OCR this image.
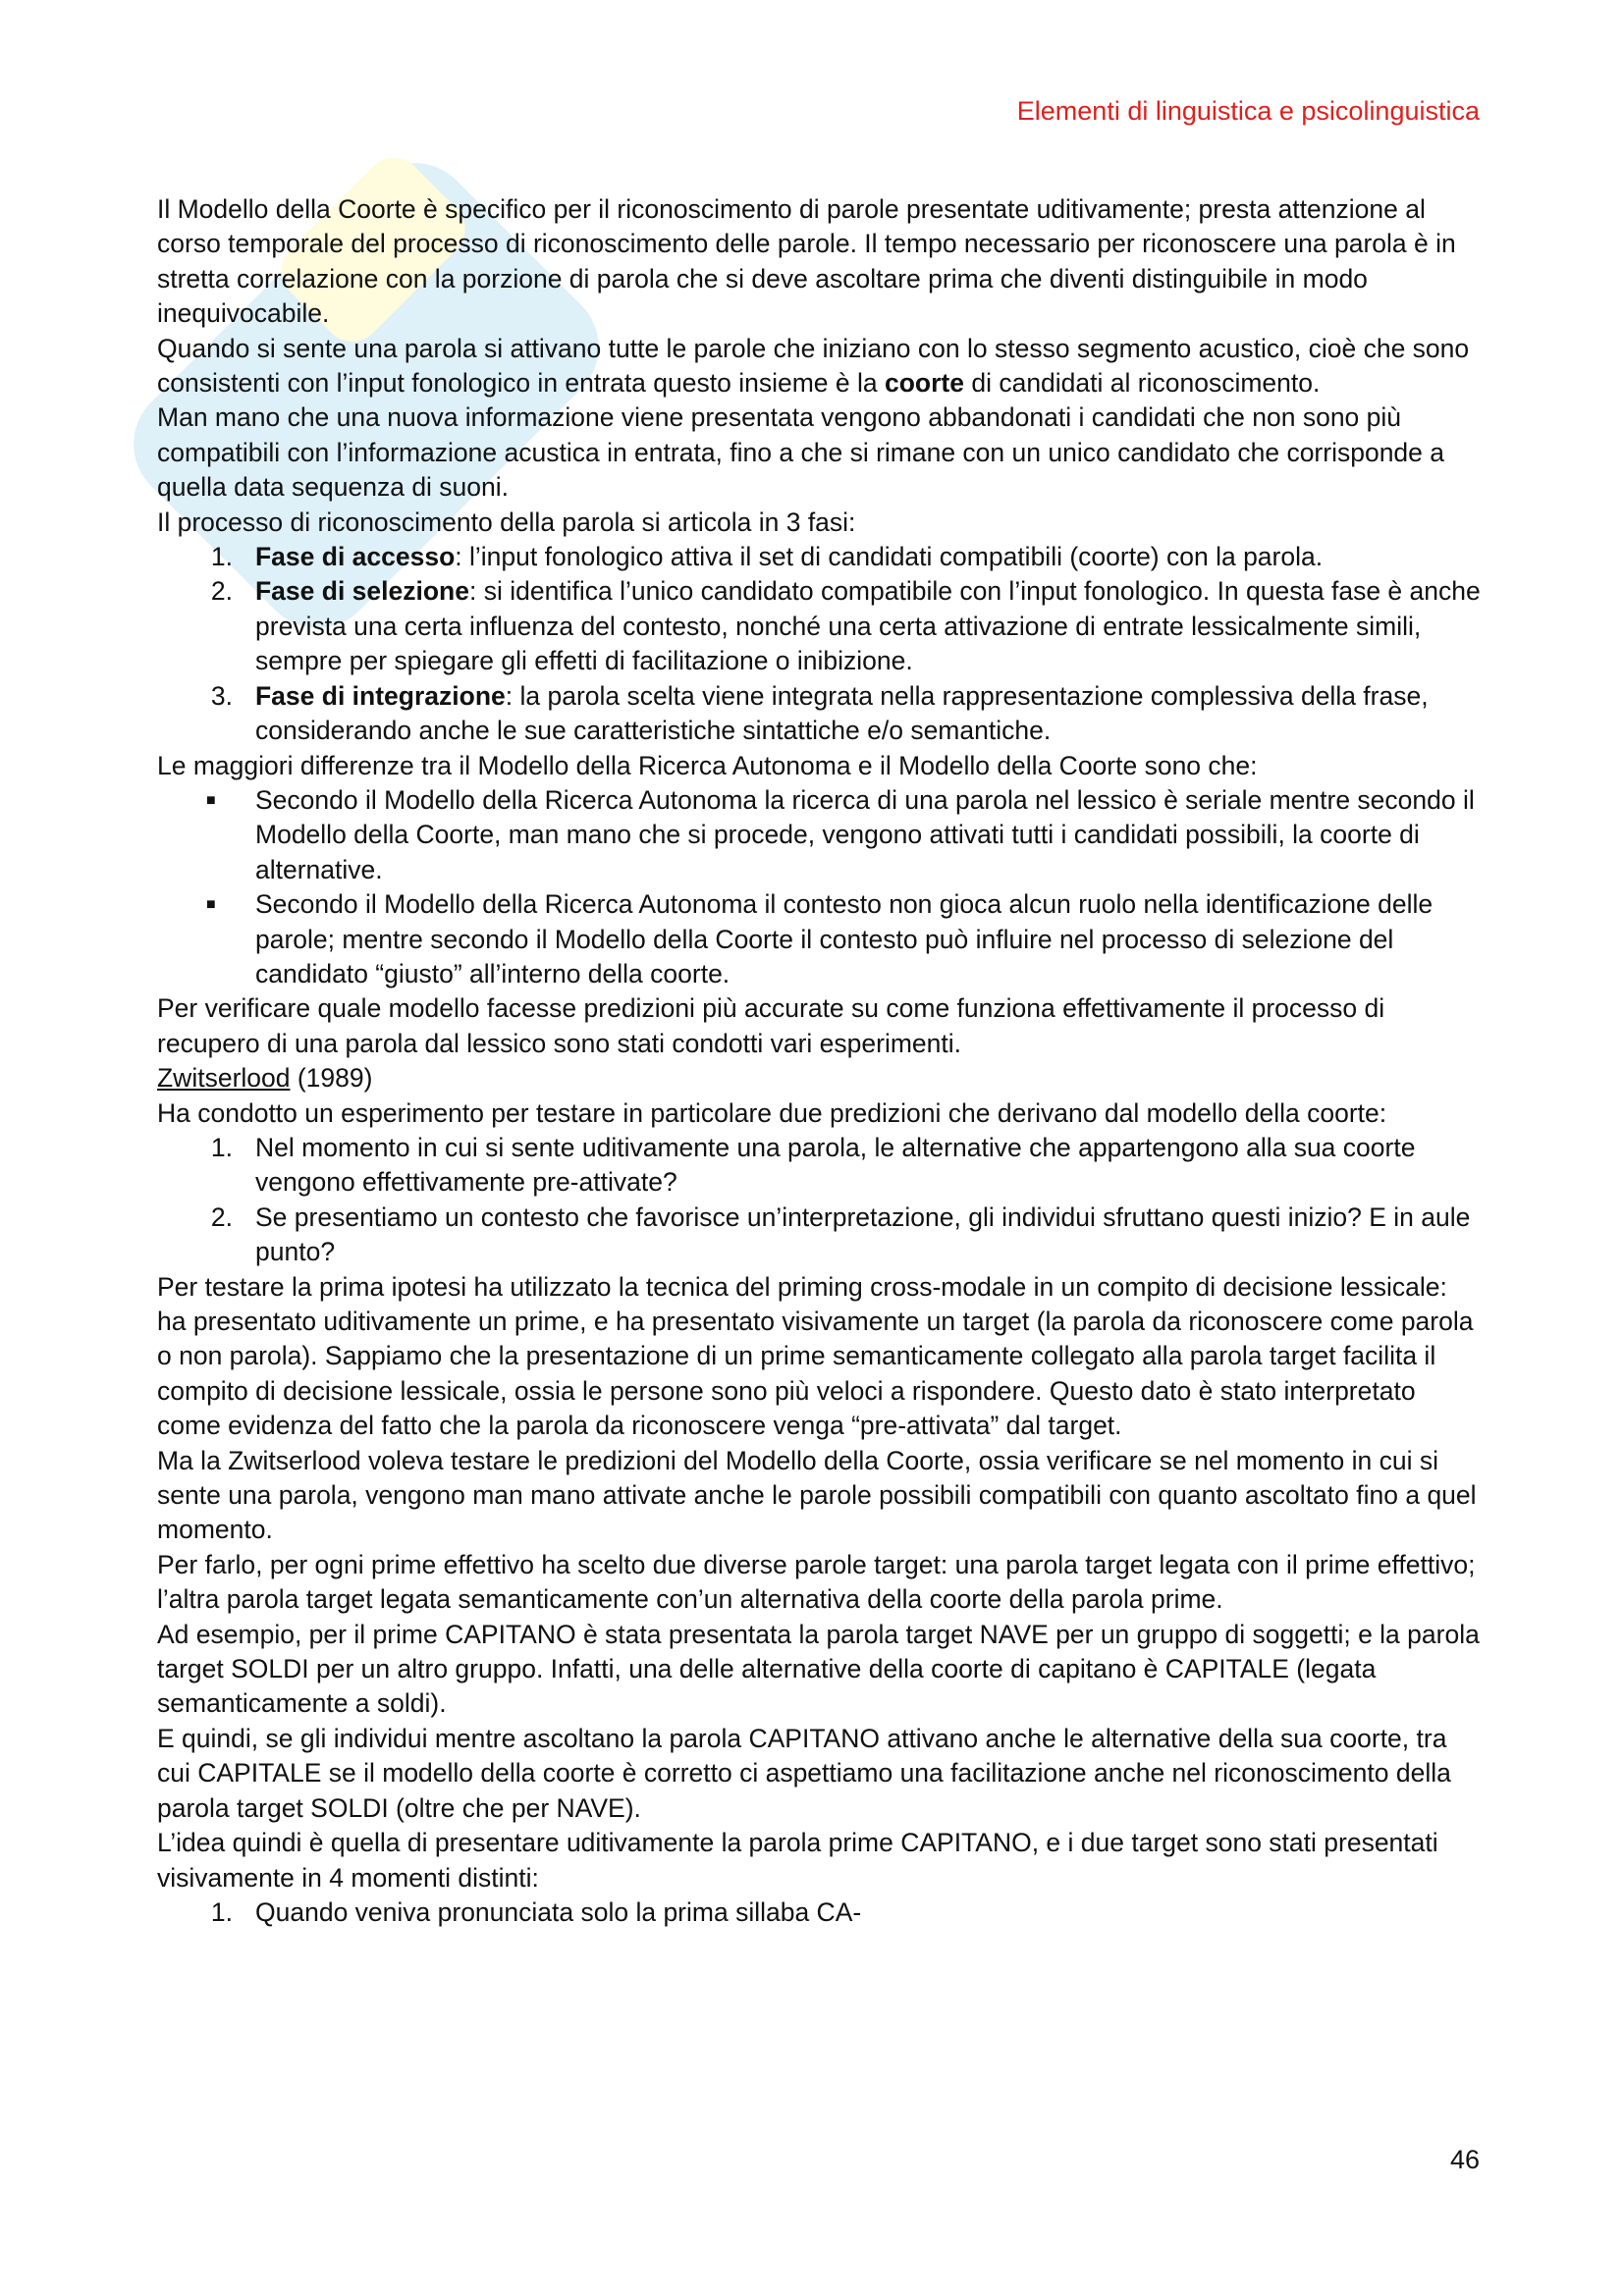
Elementi di linguistica e psicolinguistica

Il Modello della Coorte è specifico per il riconoscimento di parole presentate uditivamente; presta attenzione al corso temporale del processo di riconoscimento delle parole. Il tempo necessario per riconoscere una parola è in stretta correlazione con la porzione di parola che si deve ascoltare prima che diventi distinguibile in modo inequivocabile.

Quando si sente una parola si attivano tutte le parole che iniziano con lo stesso segmento acustico, cioè che sono consistenti con l’input fonologico in entrata questo insieme è la coorte di candidati al riconoscimento.

Man mano che una nuova informazione viene presentata vengono abbandonati i candidati che non sono più compatibili con l’informazione acustica in entrata, fino a che si rimane con un unico candidato che corrisponde a quella data sequenza di suoni.

Il processo di riconoscimento della parola si articola in 3 fasi:

1. Fase di accesso: l’input fonologico attiva il set di candidati compatibili (coorte) con la parola.
2. Fase di selezione: si identifica l’unico candidato compatibile con l’input fonologico. In questa fase è anche prevista una certa influenza del contesto, nonché una certa attivazione di entrate lessicalmente simili, sempre per spiegare gli effetti di facilitazione o inibizione.
3. Fase di integrazione: la parola scelta viene integrata nella rappresentazione complessiva della frase, considerando anche le sue caratteristiche sintattiche e/o semantiche.

Le maggiori differenze tra il Modello della Ricerca Autonoma e il Modello della Coorte sono che:

■ Secondo il Modello della Ricerca Autonoma la ricerca di una parola nel lessico è seriale mentre secondo il Modello della Coorte, man mano che si procede, vengono attivati tutti i candidati possibili, la coorte di alternative.
■ Secondo il Modello della Ricerca Autonoma il contesto non gioca alcun ruolo nella identificazione delle parole; mentre secondo il Modello della Coorte il contesto può influire nel processo di selezione del candidato “giusto” all’interno della coorte.

Per verificare quale modello facesse predizioni più accurate su come funziona effettivamente il processo di recupero di una parola dal lessico sono stati condotti vari esperimenti.

Zwitserlood (1989)

Ha condotto un esperimento per testare in particolare due predizioni che derivano dal modello della coorte:

1. Nel momento in cui si sente uditivamente una parola, le alternative che appartengono alla sua coorte vengono effettivamente pre-attivate?
2. Se presentiamo un contesto che favorisce un’interpretazione, gli individui sfruttano questi inizio? E in aule punto?

Per testare la prima ipotesi ha utilizzato la tecnica del priming cross-modale in un compito di decisione lessicale: ha presentato uditivamente un prime, e ha presentato visivamente un target (la parola da riconoscere come parola o non parola). Sappiamo che la presentazione di un prime semanticamente collegato alla parola target facilita il compito di decisione lessicale, ossia le persone sono più veloci a rispondere. Questo dato è stato interpretato come evidenza del fatto che la parola da riconoscere venga “pre-attivata” dal target.

Ma la Zwitserlood voleva testare le predizioni del Modello della Coorte, ossia verificare se nel momento in cui si sente una parola, vengono man mano attivate anche le parole possibili compatibili con quanto ascoltato fino a quel momento.

Per farlo, per ogni prime effettivo ha scelto due diverse parole target: una parola target legata con il prime effettivo; l’altra parola target legata semanticamente con’un alternativa della coorte della parola prime.

Ad esempio, per il prime CAPITANO è stata presentata la parola target NAVE per un gruppo di soggetti; e la parola target SOLDI per un altro gruppo. Infatti, una delle alternative della coorte di capitano è CAPITALE (legata semanticamente a soldi).

E quindi, se gli individui mentre ascoltano la parola CAPITANO attivano anche le alternative della sua coorte, tra cui CAPITALE se il modello della coorte è corretto ci aspettiamo una facilitazione anche nel riconoscimento della parola target SOLDI (oltre che per NAVE).

L’idea quindi è quella di presentare uditivamente la parola prime CAPITANO, e i due target sono stati presentati visivamente in 4 momenti distinti:

1. Quando veniva pronunciata solo la prima sillaba CA-
46
